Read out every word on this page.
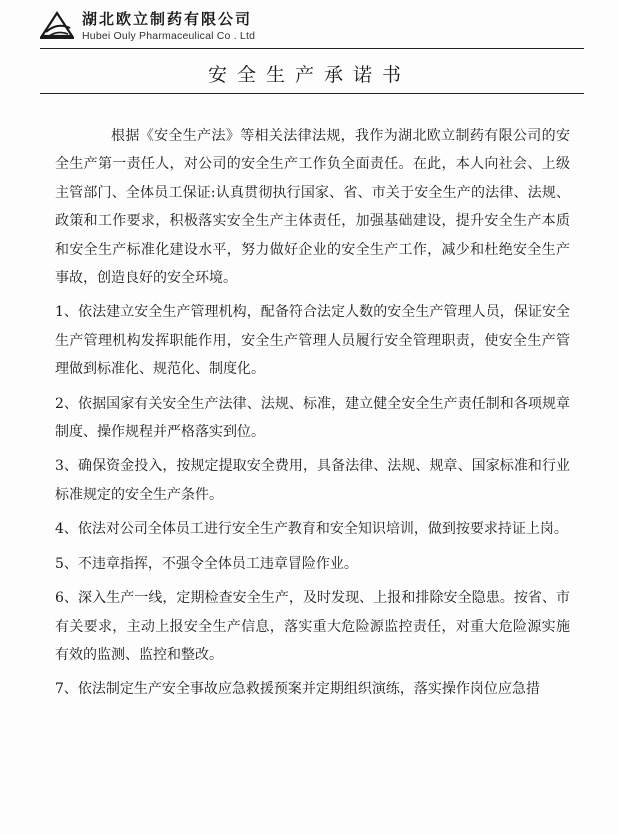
湖北欧立制药有限公司
Hubei Ouly Pharmaceulical Co . Ltd
安全生产承诺书

根据《安全生产法》等相关法律法规，我作为湖北欧立制药有限公司的安全生产第一责任人，对公司的安全生产工作负全面责任。在此，本人向社会、上级主管部门、全体员工保证:认真贯彻执行国家、省、市关于安全生产的法律、法规、政策和工作要求，积极落实安全生产主体责任，加强基础建设，提升安全生产本质和安全生产标准化建设水平，努力做好企业的安全生产工作，减少和杜绝安全生产事故，创造良好的安全环境。

1、依法建立安全生产管理机构，配备符合法定人数的安全生产管理人员，保证安全生产管理机构发挥职能作用，安全生产管理人员履行安全管理职责，使安全生产管理做到标准化、规范化、制度化。

2、依据国家有关安全生产法律、法规、标准，建立健全安全生产责任制和各项规章制度、操作规程并严格落实到位。

3、确保资金投入，按规定提取安全费用，具备法律、法规、规章、国家标准和行业标准规定的安全生产条件。

4、依法对公司全体员工进行安全生产教育和安全知识培训，做到按要求持证上岗。

5、不违章指挥，不强令全体员工违章冒险作业。

6、深入生产一线，定期检查安全生产，及时发现、上报和排除安全隐患。按省、市有关要求，主动上报安全生产信息，落实重大危险源监控责任，对重大危险源实施有效的监测、监控和整改。

7、依法制定生产安全事故应急救援预案并定期组织演练，落实操作岗位应急措
